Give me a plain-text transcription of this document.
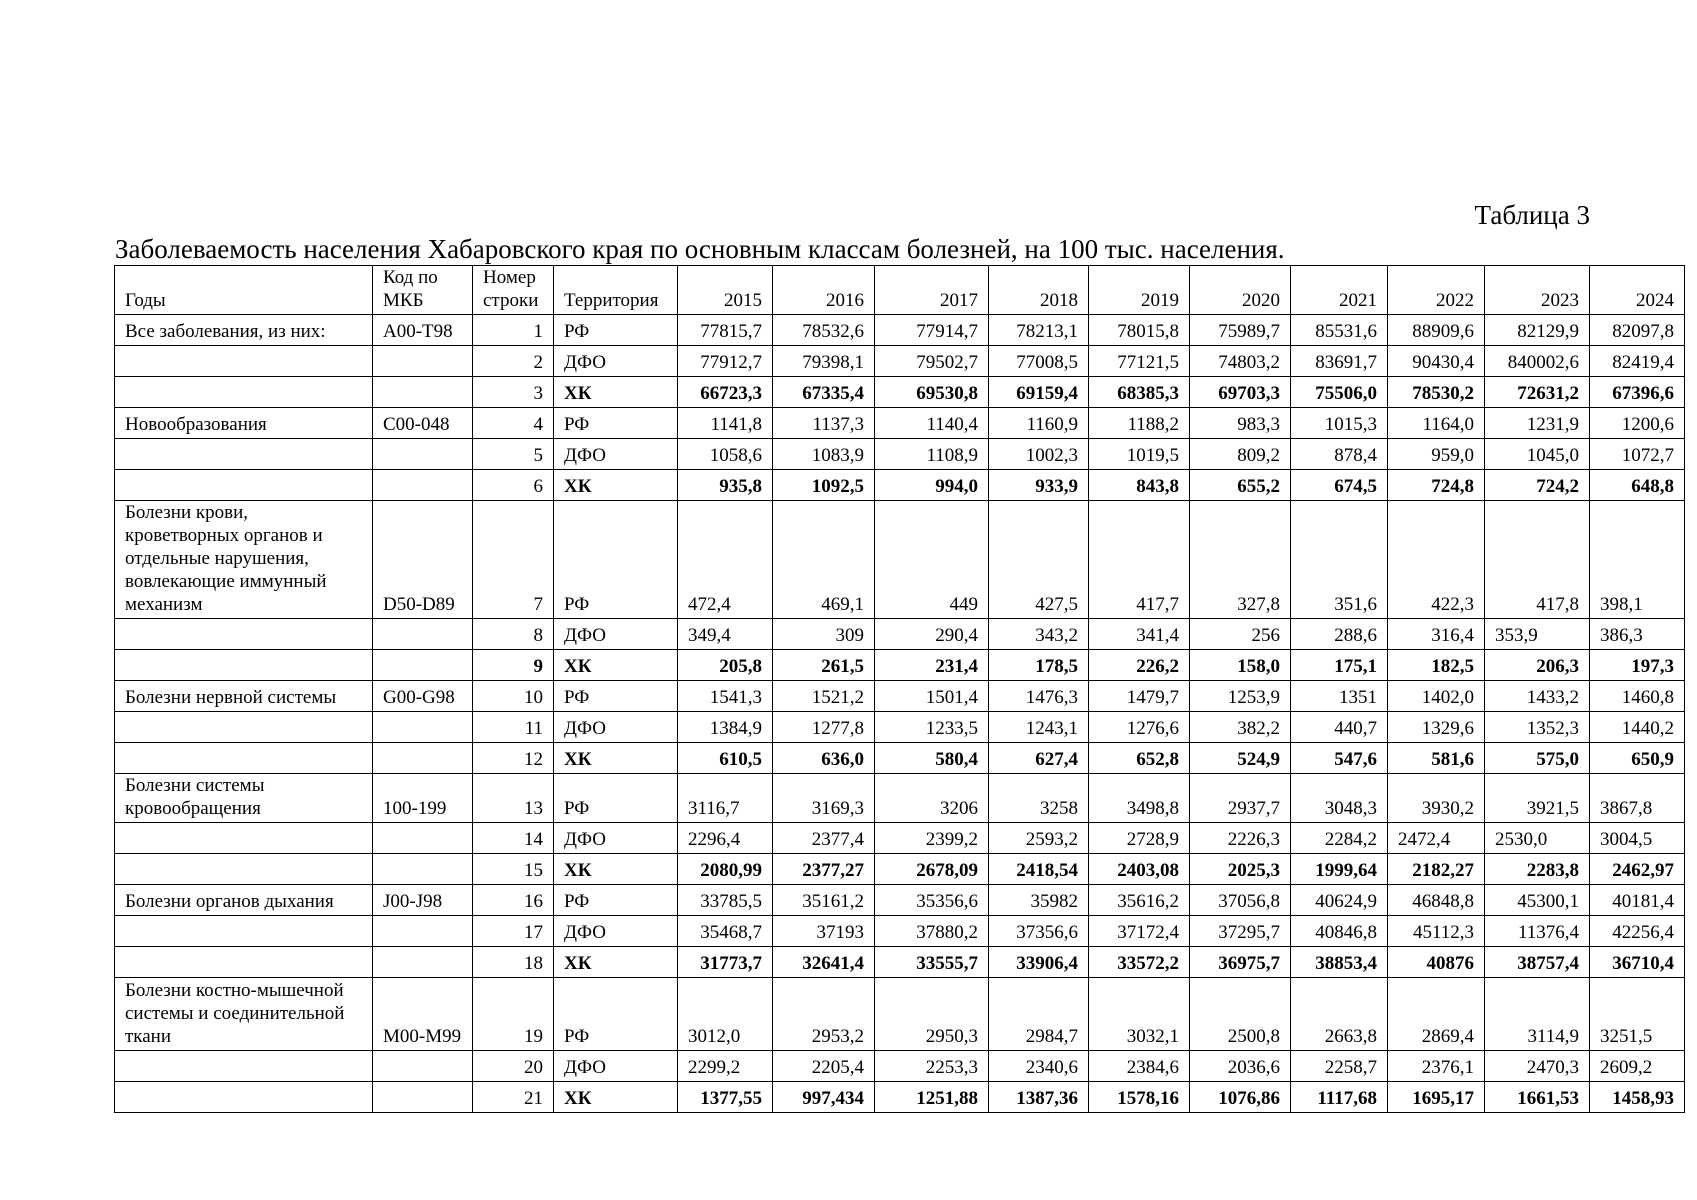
Таблица 3
Заболеваемость населения Хабаровского края по основным классам болезней, на 100 тыс. населения.
Годы	Код по МКБ	Номер строки	Территория	2015	2016	2017	2018	2019	2020	2021	2022	2023	2024
Все заболевания, из них:	A00-T98	1	РФ	77815,7	78532,6	77914,7	78213,1	78015,8	75989,7	85531,6	88909,6	82129,9	82097,8
		2	ДФО	77912,7	79398,1	79502,7	77008,5	77121,5	74803,2	83691,7	90430,4	840002,6	82419,4
		3	ХК	66723,3	67335,4	69530,8	69159,4	68385,3	69703,3	75506,0	78530,2	72631,2	67396,6
Новообразования	C00-048	4	РФ	1141,8	1137,3	1140,4	1160,9	1188,2	983,3	1015,3	1164,0	1231,9	1200,6
		5	ДФО	1058,6	1083,9	1108,9	1002,3	1019,5	809,2	878,4	959,0	1045,0	1072,7
		6	ХК	935,8	1092,5	994,0	933,9	843,8	655,2	674,5	724,8	724,2	648,8
Болезни крови, кроветворных органов и отдельные нарушения, вовлекающие иммунный механизм	D50-D89	7	РФ	472,4	469,1	449	427,5	417,7	327,8	351,6	422,3	417,8	398,1
		8	ДФО	349,4	309	290,4	343,2	341,4	256	288,6	316,4	353,9	386,3
		9	ХК	205,8	261,5	231,4	178,5	226,2	158,0	175,1	182,5	206,3	197,3
Болезни нервной системы	G00-G98	10	РФ	1541,3	1521,2	1501,4	1476,3	1479,7	1253,9	1351	1402,0	1433,2	1460,8
		11	ДФО	1384,9	1277,8	1233,5	1243,1	1276,6	382,2	440,7	1329,6	1352,3	1440,2
		12	ХК	610,5	636,0	580,4	627,4	652,8	524,9	547,6	581,6	575,0	650,9
Болезни системы кровообращения	100-199	13	РФ	3116,7	3169,3	3206	3258	3498,8	2937,7	3048,3	3930,2	3921,5	3867,8
		14	ДФО	2296,4	2377,4	2399,2	2593,2	2728,9	2226,3	2284,2	2472,4	2530,0	3004,5
		15	ХК	2080,99	2377,27	2678,09	2418,54	2403,08	2025,3	1999,64	2182,27	2283,8	2462,97
Болезни органов дыхания	J00-J98	16	РФ	33785,5	35161,2	35356,6	35982	35616,2	37056,8	40624,9	46848,8	45300,1	40181,4
		17	ДФО	35468,7	37193	37880,2	37356,6	37172,4	37295,7	40846,8	45112,3	11376,4	42256,4
		18	ХК	31773,7	32641,4	33555,7	33906,4	33572,2	36975,7	38853,4	40876	38757,4	36710,4
Болезни костно-мышечной системы и соединительной ткани	M00-M99	19	РФ	3012,0	2953,2	2950,3	2984,7	3032,1	2500,8	2663,8	2869,4	3114,9	3251,5
		20	ДФО	2299,2	2205,4	2253,3	2340,6	2384,6	2036,6	2258,7	2376,1	2470,3	2609,2
		21	ХК	1377,55	997,434	1251,88	1387,36	1578,16	1076,86	1117,68	1695,17	1661,53	1458,93
